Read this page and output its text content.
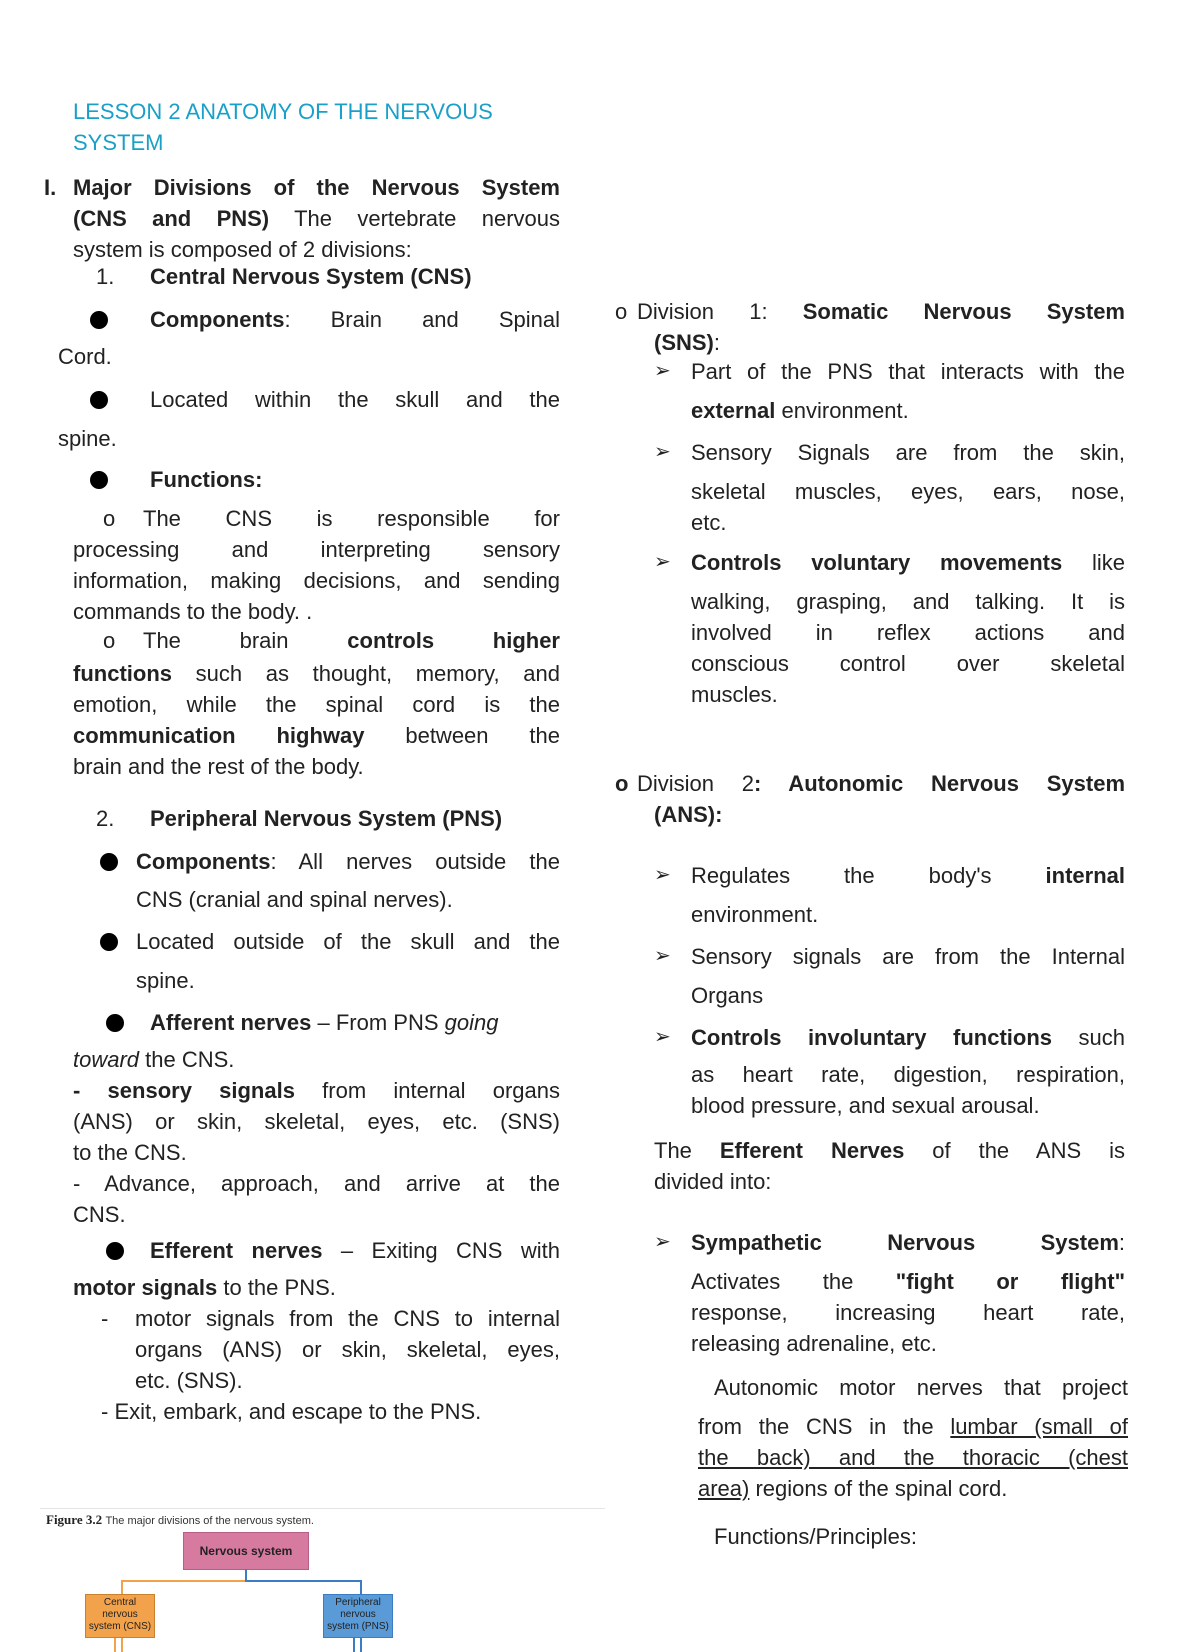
LESSON 2 ANATOMY OF THE NERVOUS
SYSTEM
I. Major Divisions of the Nervous System
(CNS and PNS) The vertebrate nervous
system is composed of 2 divisions:
1. Central Nervous System (CNS)
Components: Brain and Spinal
Cord.
Located within the skull and the
spine.
Functions:
o The CNS is responsible for
processing and interpreting sensory
information, making decisions, and sending
commands to the body. .
o The brain	controls higher
functions such as thought, memory, and
emotion, while the spinal cord is the
communication highway between the
brain and the rest of the body.
2. Peripheral Nervous System (PNS)
Components: All nerves outside the
CNS (cranial and spinal nerves).
Located outside of the skull and the
spine.
Afferent nerves – From PNS going
toward the CNS.
- sensory signals from internal organs
(ANS) or skin, skeletal, eyes, etc. (SNS)
to the CNS.
- Advance, approach, and arrive at the
CNS.
Efferent nerves – Exiting CNS with
motor signals to the PNS.
- motor signals from the CNS to internal
organs (ANS) or skin, skeletal, eyes,
etc. (SNS).
- Exit, embark, and escape to the PNS.
Figure 3.2 The major divisions of the nervous system.
Nervous system
Central
nervous
system (CNS)
Peripheral
nervous
system (PNS)
o Division 1: Somatic Nervous System
(SNS):
➢ Part of the PNS that interacts with the
external environment.
➢ Sensory Signals are from the skin,
skeletal muscles, eyes, ears, nose,
etc.
➢ Controls voluntary movements like
walking, grasping, and talking. It is
involved in reflex actions and
conscious control over skeletal
muscles.
o Division 2: Autonomic Nervous System
(ANS):
➢ Regulates the body's internal
environment.
➢ Sensory signals are from the Internal
Organs
➢ Controls involuntary functions such
as heart rate, digestion, respiration,
blood pressure, and sexual arousal.
The Efferent Nerves of the ANS is
divided into:
➢ Sympathetic Nervous System:
Activates the "fight or flight"
response, increasing heart rate,
releasing adrenaline, etc.
Autonomic motor nerves that project
from the CNS in the lumbar (small of
the back) and the thoracic (chest
area) regions of the spinal cord.
Functions/Principles:
